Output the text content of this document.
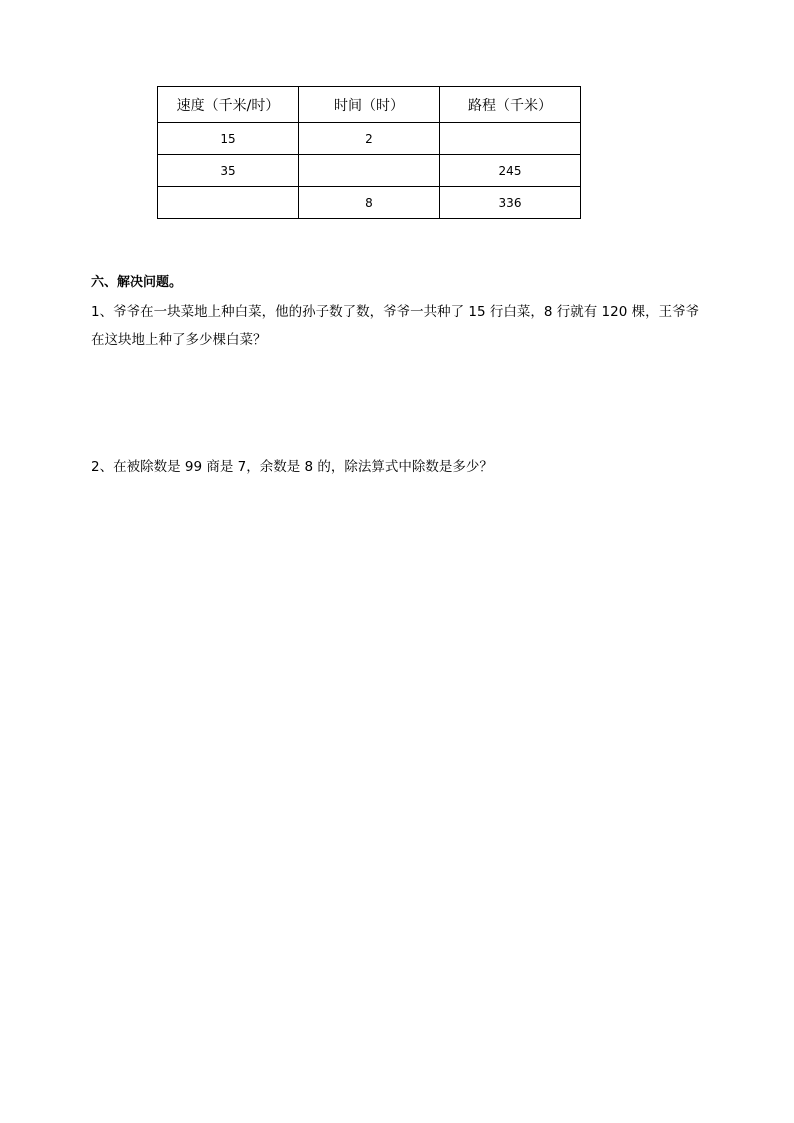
速度（千米/时）	时间（时）	路程（千米）
15	2	
35		245
	8	336
六、解决问题。
1、爷爷在一块菜地上种白菜，他的孙子数了数，爷爷一共种了 15 行白菜，8 行就有 120 棵，王爷爷
在这块地上种了多少棵白菜？
2、在被除数是 99 商是 7，余数是 8 的，除法算式中除数是多少？
